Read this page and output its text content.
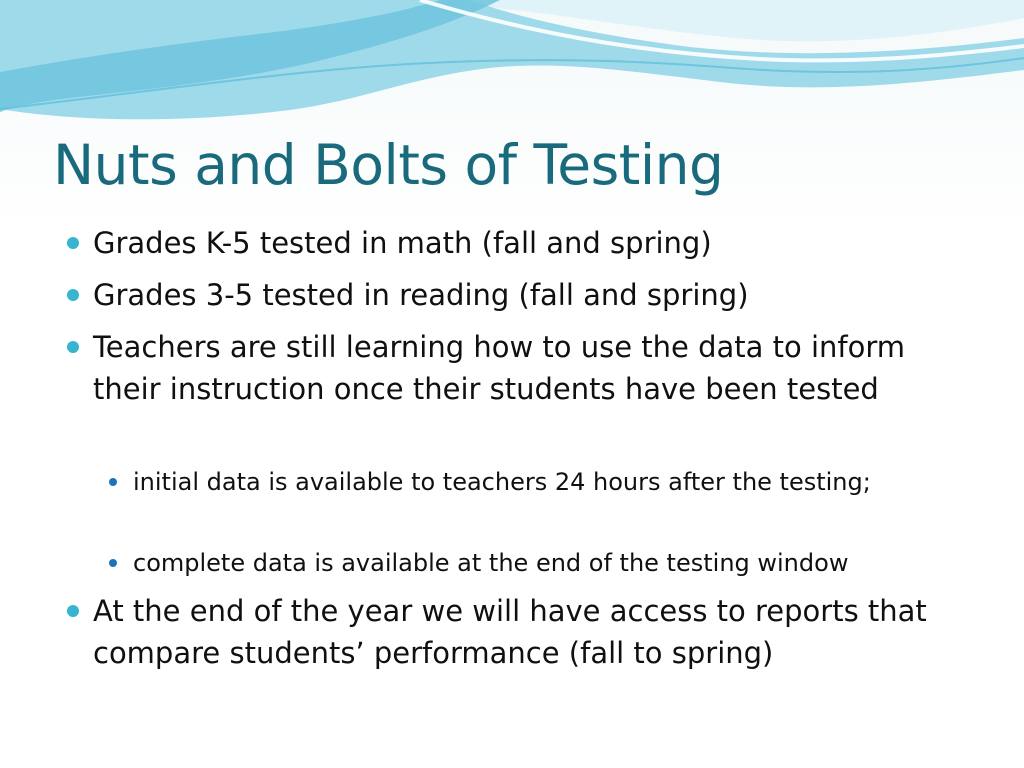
Nuts and Bolts of Testing

Grades K-5 tested in math (fall and spring)

Grades 3-5 tested in reading (fall and spring)

Teachers are still learning how to use the data to inform their instruction once their students have been tested

initial data is available to teachers 24 hours after the testing;

complete data is available at the end of the testing window

At the end of the year we will have access to reports that compare students’ performance (fall to spring)
